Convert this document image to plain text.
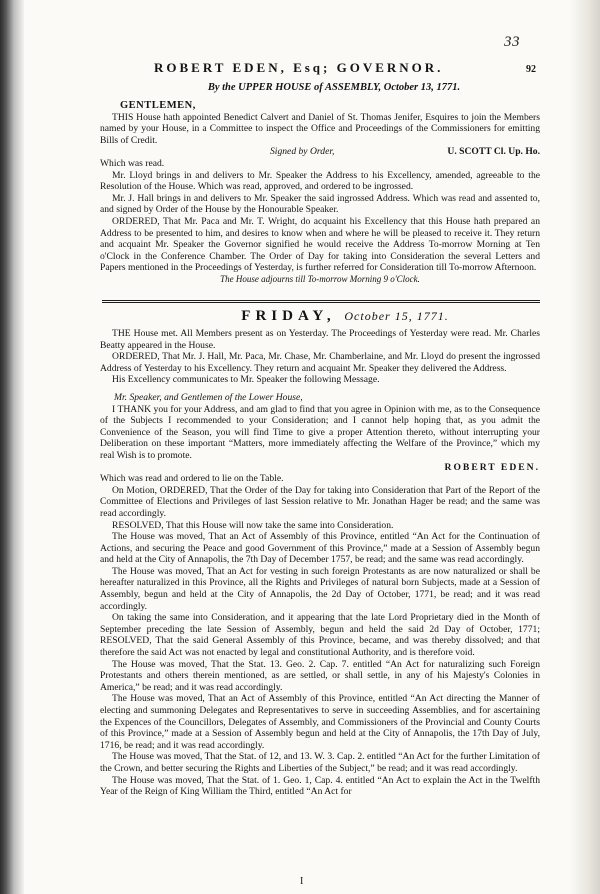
33
ROBERT EDEN, Esq; GOVERNOR.	92
By the UPPER HOUSE of ASSEMBLY, October 13, 1771.
GENTLEMEN,
THIS House hath appointed Benedict Calvert and Daniel of St. Thomas Jenifer, Esquires to join the Members named by your House, in a Committee to inspect the Office and Proceedings of the Commissioners for emitting Bills of Credit.
Signed by Order,	U. SCOTT Cl. Up. Ho.
Which was read.
Mr. Lloyd brings in and delivers to Mr. Speaker the Address to his Excellency, amended, agreeable to the Resolution of the House. Which was read, approved, and ordered to be ingrossed.
Mr. J. Hall brings in and delivers to Mr. Speaker the said ingrossed Address. Which was read and assented to, and signed by Order of the House by the Honourable Speaker.
ORDERED, That Mr. Paca and Mr. T. Wright, do acquaint his Excellency that this House hath prepared an Address to be presented to him, and desires to know when and where he will be pleased to receive it. They return and acquaint Mr. Speaker the Governor signified he would receive the Address To-morrow Morning at Ten o'Clock in the Conference Chamber. The Order of Day for taking into Consideration the several Letters and Papers mentioned in the Proceedings of Yesterday, is further referred for Consideration till To-morrow Afternoon.
The House adjourns till To-morrow Morning 9 o'Clock.
FRIDAY, October 15, 1771.
THE House met. All Members present as on Yesterday. The Proceedings of Yesterday were read. Mr. Charles Beatty appeared in the House.
ORDERED, That Mr. J. Hall, Mr. Paca, Mr. Chase, Mr. Chamberlaine, and Mr. Lloyd do present the ingrossed Address of Yesterday to his Excellency. They return and acquaint Mr. Speaker they delivered the Address.
His Excellency communicates to Mr. Speaker the following Message.
Mr. Speaker, and Gentlemen of the Lower House,
I THANK you for your Address, and am glad to find that you agree in Opinion with me, as to the Consequence of the Subjects I recommended to your Consideration; and I cannot help hoping that, as you admit the Convenience of the Season, you will find Time to give a proper Attention thereto, without interrupting your Deliberation on these important “Matters, more immediately affecting the Welfare of the Province,” which my real Wish is to promote.
ROBERT EDEN.
Which was read and ordered to lie on the Table.
On Motion, ORDERED, That the Order of the Day for taking into Consideration that Part of the Report of the Committee of Elections and Privileges of last Session relative to Mr. Jonathan Hager be read; and the same was read accordingly.
RESOLVED, That this House will now take the same into Consideration.
The House was moved, That an Act of Assembly of this Province, entitled “An Act for the Continuation of Actions, and securing the Peace and good Government of this Province,” made at a Session of Assembly begun and held at the City of Annapolis, the 7th Day of December 1757, be read; and the same was read accordingly.
The House was moved, That an Act for vesting in such foreign Protestants as are now naturalized or shall be hereafter naturalized in this Province, all the Rights and Privileges of natural born Subjects, made at a Session of Assembly, begun and held at the City of Annapolis, the 2d Day of October, 1771, be read; and it was read accordingly.
On taking the same into Consideration, and it appearing that the late Lord Proprietary died in the Month of September preceding the late Session of Assembly, begun and held the said 2d Day of October, 1771; RESOLVED, That the said General Assembly of this Province, became, and was thereby dissolved; and that therefore the said Act was not enacted by legal and constitutional Authority, and is therefore void.
The House was moved, That the Stat. 13. Geo. 2. Cap. 7. entitled “An Act for naturalizing such Foreign Protestants and others therein mentioned, as are settled, or shall settle, in any of his Majesty's Colonies in America,” be read; and it was read accordingly.
The House was moved, That an Act of Assembly of this Province, entitled “An Act directing the Manner of electing and summoning Delegates and Representatives to serve in succeeding Assemblies, and for ascertaining the Expences of the Councillors, Delegates of Assembly, and Commissioners of the Provincial and County Courts of this Province,” made at a Session of Assembly begun and held at the City of Annapolis, the 17th Day of July, 1716, be read; and it was read accordingly.
The House was moved, That the Stat. of 12, and 13. W. 3. Cap. 2. entitled “An Act for the further Limitation of the Crown, and better securing the Rights and Liberties of the Subject,” be read; and it was read accordingly.
The House was moved, That the Stat. of 1. Geo. 1, Cap. 4. entitled “An Act to explain the Act in the Twelfth Year of the Reign of King William the Third, entitled “An Act for
I
